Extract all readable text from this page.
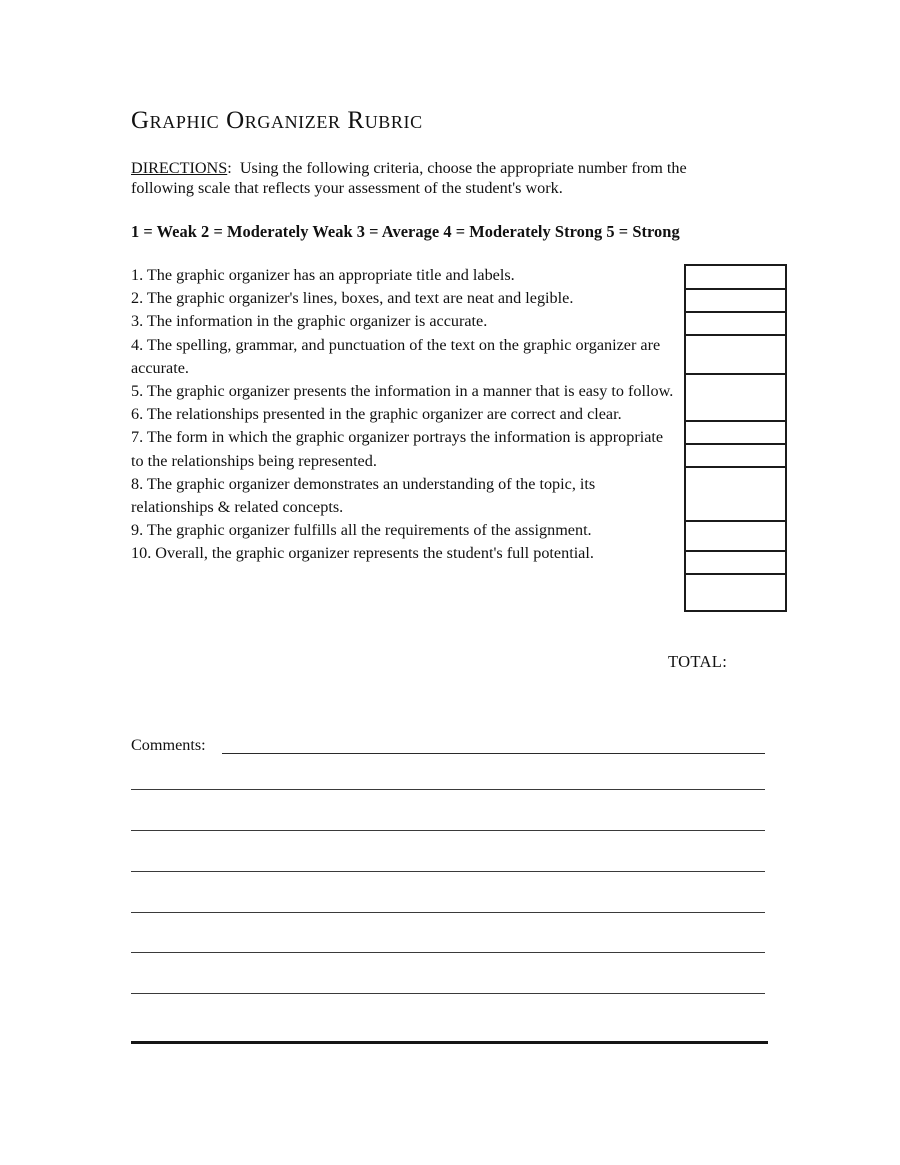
Graphic Organizer Rubric
DIRECTIONS: Using the following criteria, choose the appropriate number from the following scale that reflects your assessment of the student's work.
1 = Weak 2 = Moderately Weak 3 = Average 4 = Moderately Strong 5 = Strong
1. The graphic organizer has an appropriate title and labels.
2. The graphic organizer's lines, boxes, and text are neat and legible.
3. The information in the graphic organizer is accurate.
4. The spelling, grammar, and punctuation of the text on the graphic organizer are accurate.
5. The graphic organizer presents the information in a manner that is easy to follow.
6. The relationships presented in the graphic organizer are correct and clear.
7. The form in which the graphic organizer portrays the information is appropriate to the relationships being represented.
8. The graphic organizer demonstrates an understanding of the topic, its relationships & related concepts.
9. The graphic organizer fulfills all the requirements of the assignment.
10. Overall, the graphic organizer represents the student's full potential.
TOTAL:
Comments:
